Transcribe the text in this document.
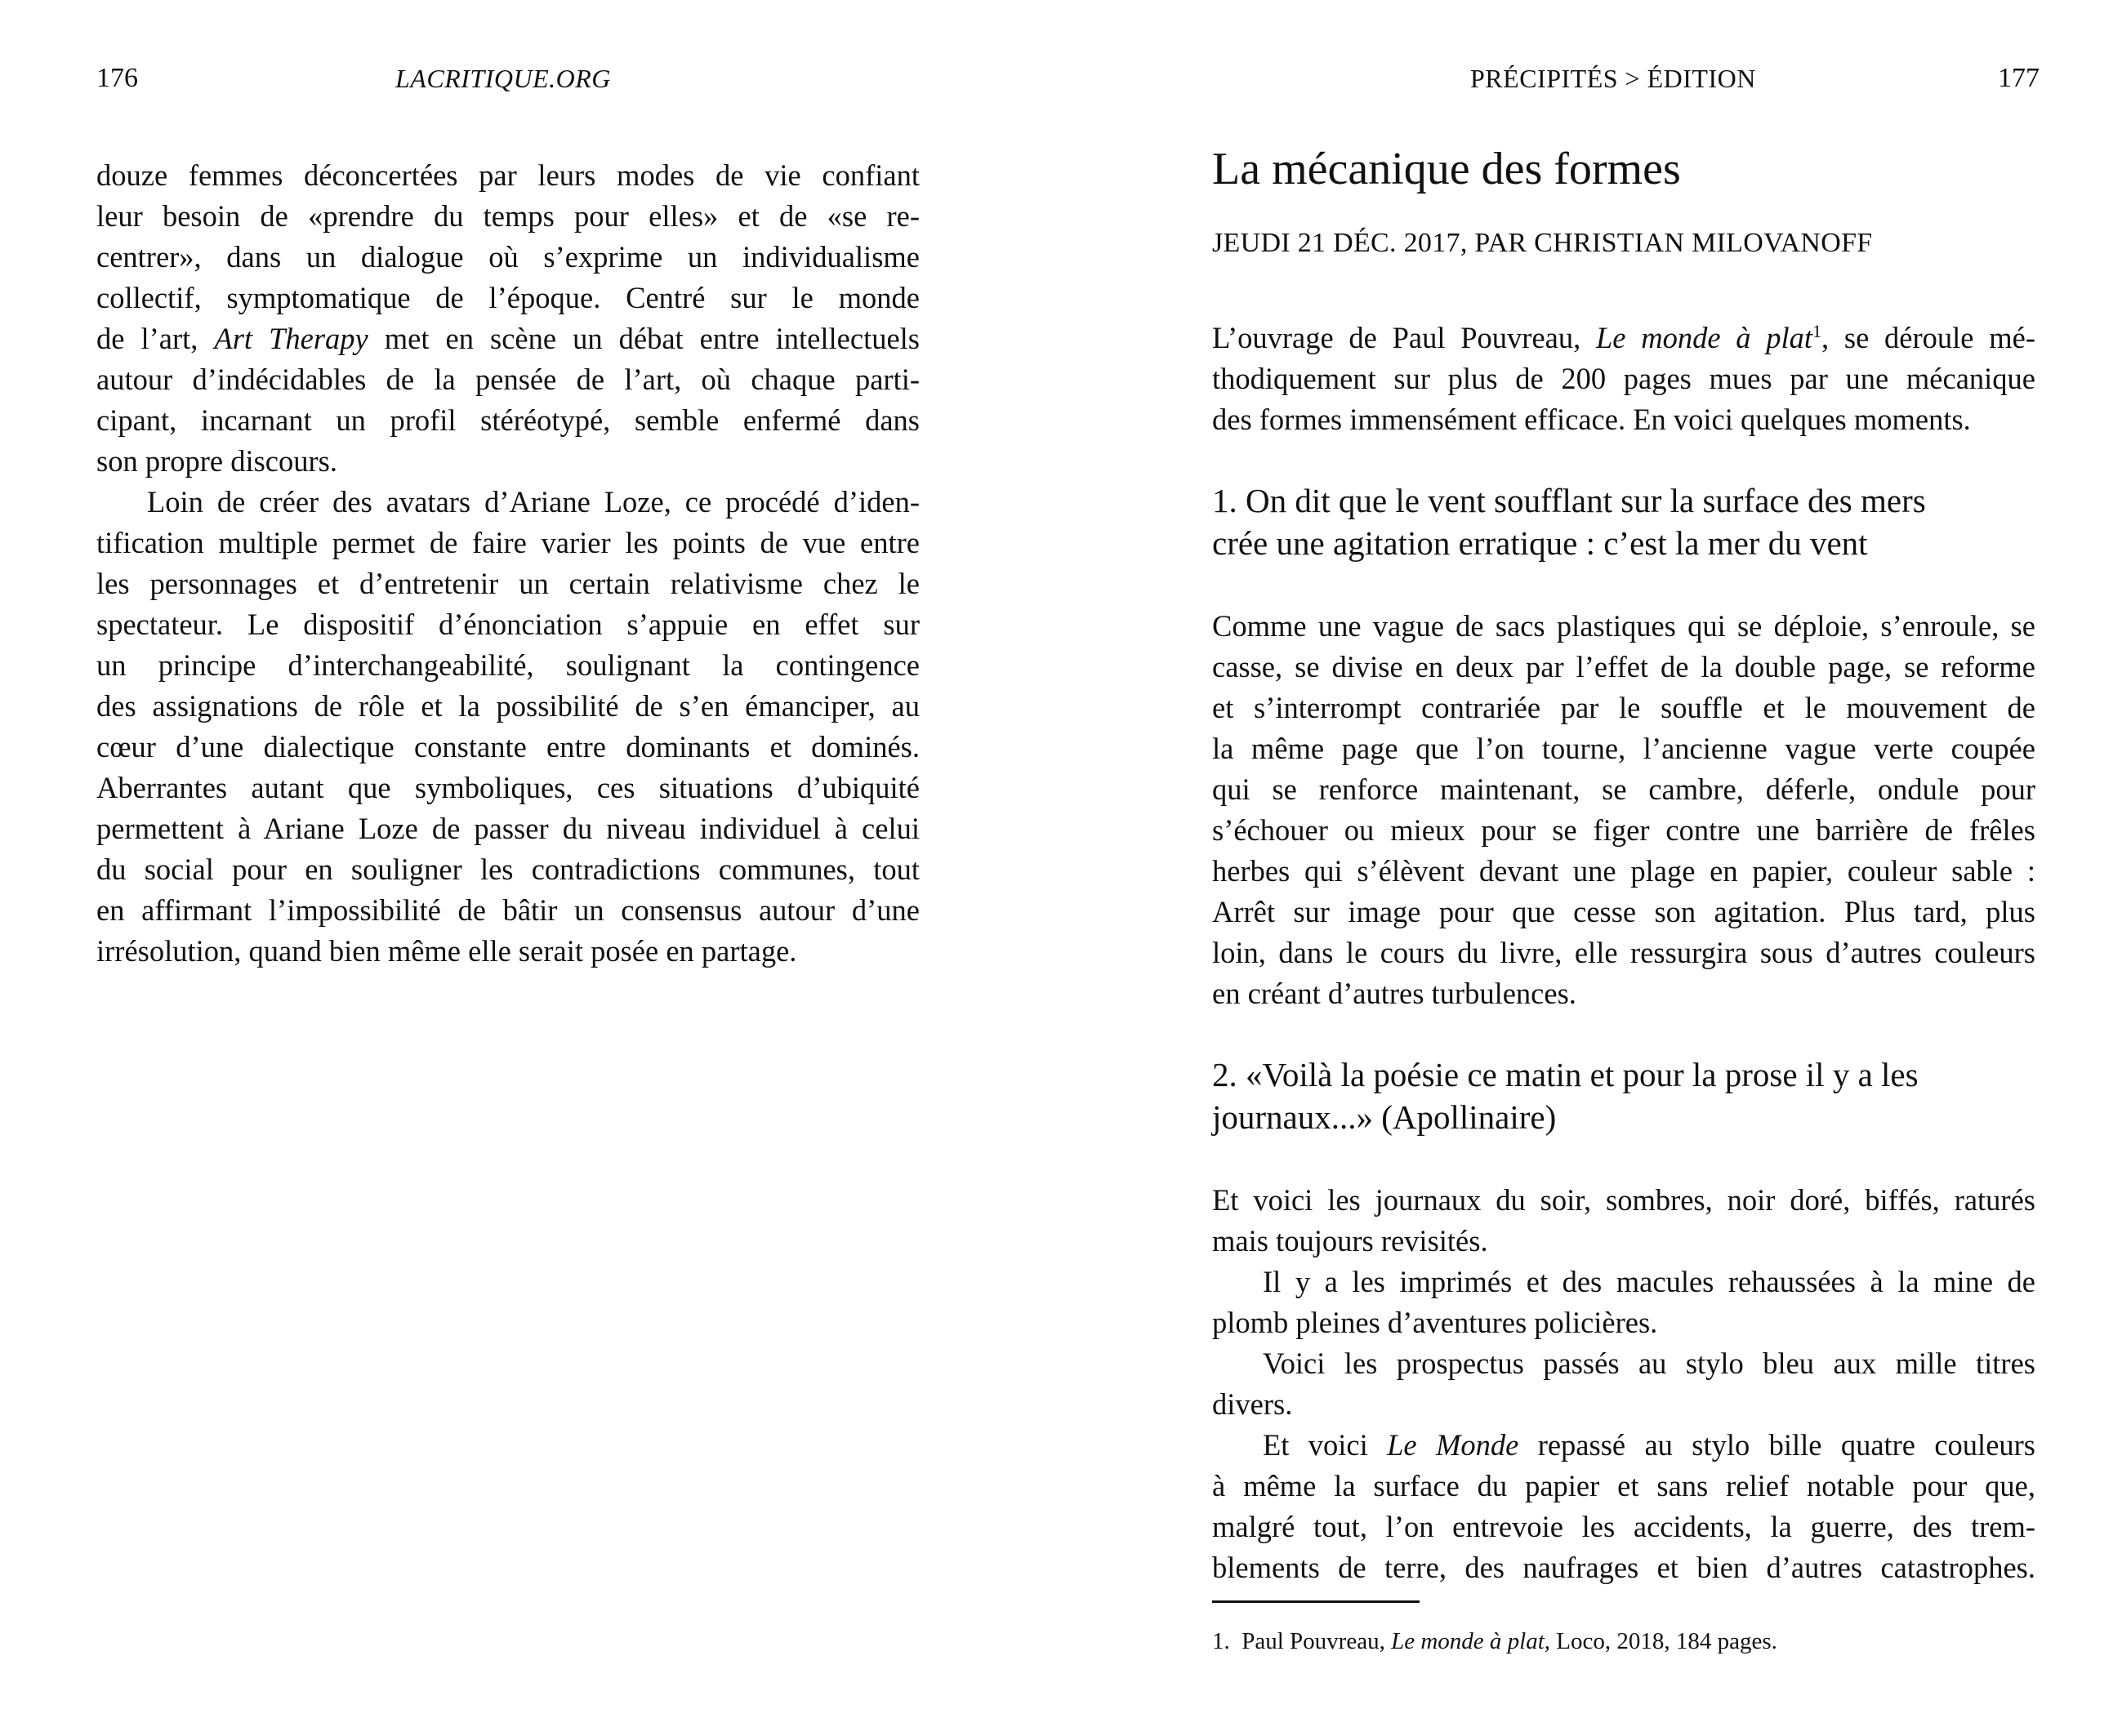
176	LACRITIQUE.ORG
douze femmes déconcertées par leurs modes de vie confiant
leur besoin de «prendre du temps pour elles» et de «se re-
centrer», dans un dialogue où s’exprime un individualisme
collectif, symptomatique de l’époque. Centré sur le monde
de l’art, Art Therapy met en scène un débat entre intellectuels
autour d’indécidables de la pensée de l’art, où chaque parti-
cipant, incarnant un profil stéréotypé, semble enfermé dans
son propre discours.
Loin de créer des avatars d’Ariane Loze, ce procédé d’iden-
tification multiple permet de faire varier les points de vue entre
les personnages et d’entretenir un certain relativisme chez le
spectateur. Le dispositif d’énonciation s’appuie en effet sur
un principe d’interchangeabilité, soulignant la contingence
des assignations de rôle et la possibilité de s’en émanciper, au
cœur d’une dialectique constante entre dominants et dominés.
Aberrantes autant que symboliques, ces situations d’ubiquité
permettent à Ariane Loze de passer du niveau individuel à celui
du social pour en souligner les contradictions communes, tout
en affirmant l’impossibilité de bâtir un consensus autour d’une
irrésolution, quand bien même elle serait posée en partage.
PRÉCIPITÉS > ÉDITION	177
La mécanique des formes
JEUDI 21 DÉC. 2017, PAR CHRISTIAN MILOVANOFF
L’ouvrage de Paul Pouvreau, Le monde à plat$^1$, se déroule mé-
thodiquement sur plus de 200 pages mues par une mécanique
des formes immensément efficace. En voici quelques moments.
1. On dit que le vent soufflant sur la surface des mers
crée une agitation erratique : c’est la mer du vent
Comme une vague de sacs plastiques qui se déploie, s’enroule, se
casse, se divise en deux par l’effet de la double page, se reforme
et s’interrompt contrariée par le souffle et le mouvement de
la même page que l’on tourne, l’ancienne vague verte coupée
qui se renforce maintenant, se cambre, déferle, ondule pour
s’échouer ou mieux pour se figer contre une barrière de frêles
herbes qui s’élèvent devant une plage en papier, couleur sable :
Arrêt sur image pour que cesse son agitation. Plus tard, plus
loin, dans le cours du livre, elle ressurgira sous d’autres couleurs
en créant d’autres turbulences.
2. «Voilà la poésie ce matin et pour la prose il y a les
journaux...» (Apollinaire)
Et voici les journaux du soir, sombres, noir doré, biffés, raturés
mais toujours revisités.
Il y a les imprimés et des macules rehaussées à la mine de
plomb pleines d’aventures policières.
Voici les prospectus passés au stylo bleu aux mille titres
divers.
Et voici Le Monde repassé au stylo bille quatre couleurs
à même la surface du papier et sans relief notable pour que,
malgré tout, l’on entrevoie les accidents, la guerre, des trem-
blements de terre, des naufrages et bien d’autres catastrophes.
1. Paul Pouvreau, Le monde à plat, Loco, 2018, 184 pages.
